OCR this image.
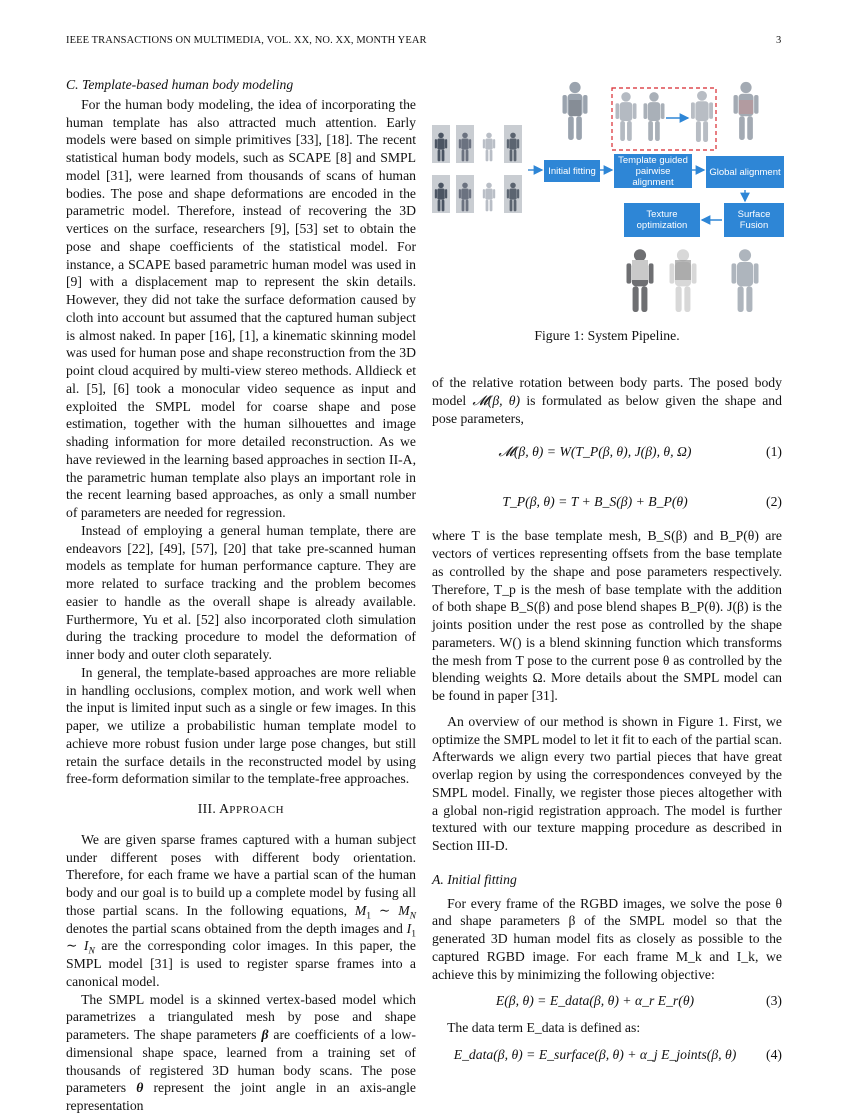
IEEE TRANSACTIONS ON MULTIMEDIA, VOL. XX, NO. XX, MONTH YEAR	3
C. Template-based human body modeling

For the human body modeling, the idea of incorporating the human template has also attracted much attention. Early models were based on simple primitives [33], [18]. The recent statistical human body models, such as SCAPE [8] and SMPL model [31], were learned from thousands of scans of human bodies. The pose and shape deformations are encoded in the parametric model. Therefore, instead of recovering the 3D vertices on the surface, researchers [9], [53] set to obtain the pose and shape coefficients of the statistical model. For instance, a SCAPE based parametric human model was used in [9] with a displacement map to represent the skin details. However, they did not take the surface deformation caused by cloth into account but assumed that the captured human subject is almost naked. In paper [16], [1], a kinematic skinning model was used for human pose and shape reconstruction from the 3D point cloud acquired by multi-view stereo methods. Alldieck et al. [5], [6] took a monocular video sequence as input and exploited the SMPL model for coarse shape and pose estimation, together with the human silhouettes and image shading information for more detailed reconstruction. As we have reviewed in the learning based approaches in section II-A, the parametric human template also plays an important role in the recent learning based approaches, as only a small number of parameters are needed for regression.

Instead of employing a general human template, there are endeavors [22], [49], [57], [20] that take pre-scanned human models as template for human performance capture. They are more related to surface tracking and the problem becomes easier to handle as the overall shape is already available. Furthermore, Yu et al. [52] also incorporated cloth simulation during the tracking procedure to model the deformation of inner body and outer cloth separately.

In general, the template-based approaches are more reliable in handling occlusions, complex motion, and work well when the input is limited input such as a single or few images. In this paper, we utilize a probabilistic human template model to achieve more robust fusion under large pose changes, but still retain the surface details in the reconstructed model by using free-form deformation similar to the template-free approaches.

III. APPROACH

We are given sparse frames captured with a human subject under different poses with different body orientation. Therefore, for each frame we have a partial scan of the human body and our goal is to build up a complete model by fusing all those partial scans. In the following equations, $M_1$ ∼ $M_N$ denotes the partial scans obtained from the depth images and $I_1$ ∼ $I_N$ are the corresponding color images. In this paper, the SMPL model [31] is used to register sparse frames into a canonical model.

The SMPL model is a skinned vertex-based model which parametrizes a triangulated mesh by pose and shape parameters. The shape parameters β are coefficients of a low-dimensional shape space, learned from a training set of thousands of registered 3D human body scans. The pose parameters θ represent the joint angle in an axis-angle representation

Initial fitting
Template guided pairwise alignment
Global alignment
Texture optimization
Surface Fusion
Figure 1: System Pipeline.

of the relative rotation between body parts. The posed body model 𝓜(β, θ) is formulated as below given the shape and pose parameters,

𝓜(β, θ) = W(T_P(β, θ), J(β), θ, Ω)	(1)
T_P(β, θ) = T + B_S(β) + B_P(θ)	(2)

where T is the base template mesh, B_S(β) and B_P(θ) are vectors of vertices representing offsets from the base template as controlled by the shape and pose parameters respectively. Therefore, T_p is the mesh of base template with the addition of both shape B_S(β) and pose blend shapes B_P(θ). J(β) is the joints position under the rest pose as controlled by the shape parameters. W() is a blend skinning function which transforms the mesh from T pose to the current pose θ as controlled by the blending weights Ω. More details about the SMPL model can be found in paper [31].

An overview of our method is shown in Figure 1. First, we optimize the SMPL model to let it fit to each of the partial scan. Afterwards we align every two partial pieces that have great overlap region by using the correspondences conveyed by the SMPL model. Finally, we register those pieces altogether with a global non-rigid registration approach. The model is further textured with our texture mapping procedure as described in Section III-D.

A. Initial fitting

For every frame of the RGBD images, we solve the pose θ and shape parameters β of the SMPL model so that the generated 3D human model fits as closely as possible to the captured RGBD image. For each frame M_k and I_k, we achieve this by minimizing the following objective:

E(β, θ) = E_data(β, θ) + α_r E_r(θ)	(3)

The data term E_data is defined as:

E_data(β, θ) = E_surface(β, θ) + α_j E_joints(β, θ)	(4)
